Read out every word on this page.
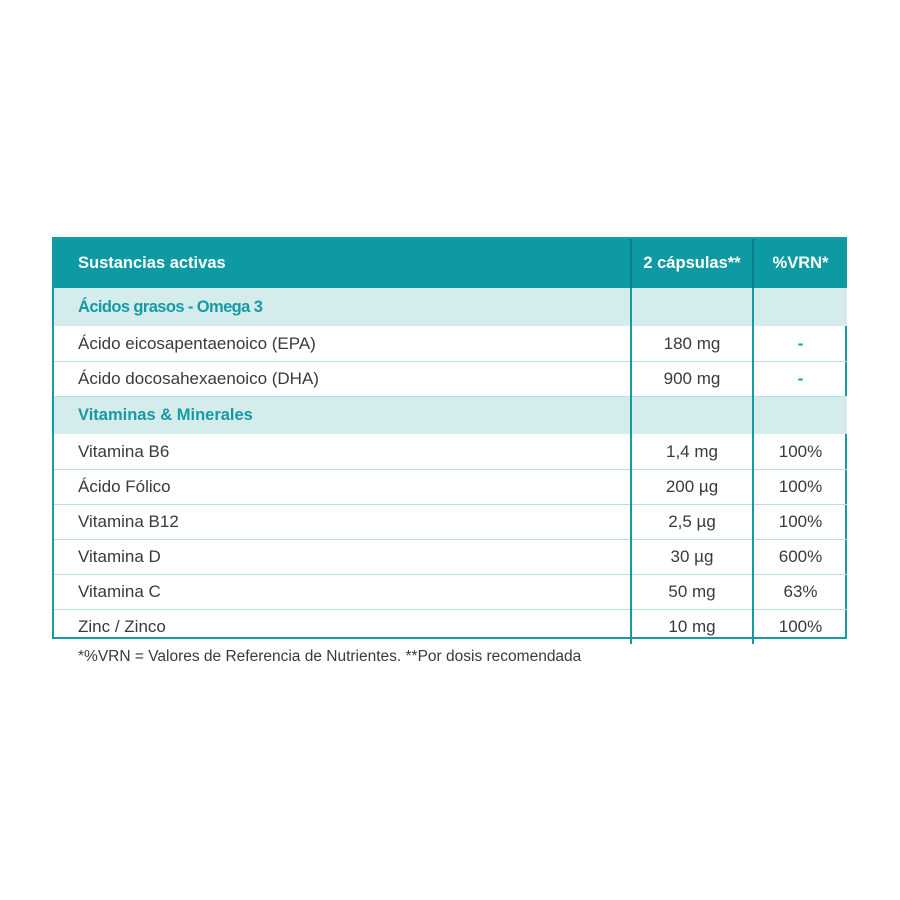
Sustancias activas	2 cápsulas**	%VRN*
Ácidos grasos - Omega 3		
Ácido eicosapentaenoico (EPA)	180 mg	-
Ácido docosahexaenoico (DHA)	900 mg	-
Vitaminas & Minerales		
Vitamina B6	1,4 mg	100%
Ácido Fólico	200 µg	100%
Vitamina B12	2,5 µg	100%
Vitamina D	30 µg	600%
Vitamina C	50 mg	63%
Zinc / Zinco	10 mg	100%
*%VRN = Valores de Referencia de Nutrientes. **Por dosis recomendada
